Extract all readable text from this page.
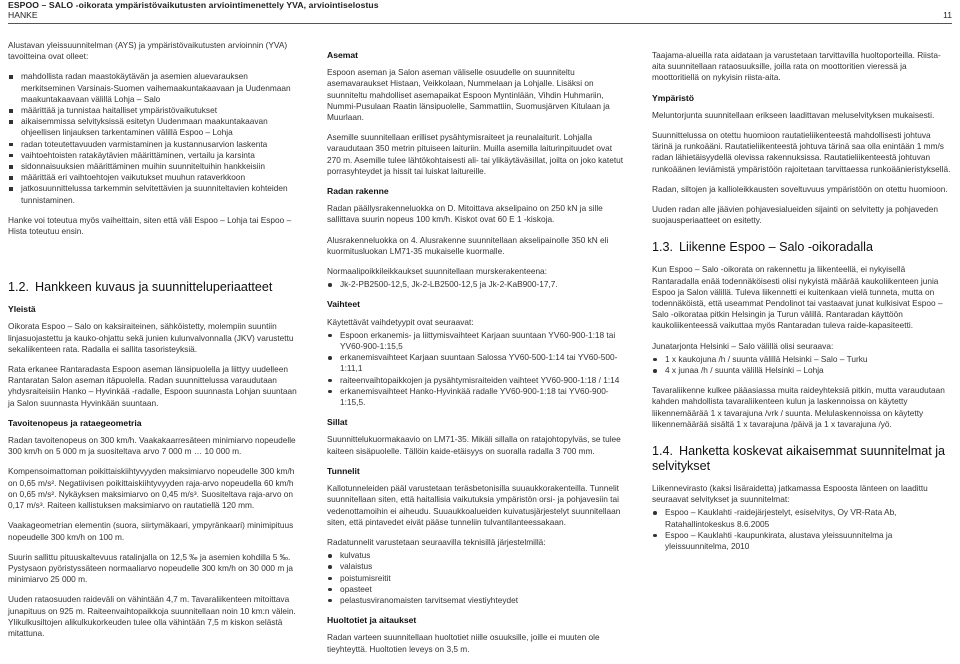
ESPOO – SALO -oikorata ympäristövaikutusten arviointimenettely YVA, arviointiselostus
HANKE	11

Alustavan yleissuunnitelman (AYS) ja ympäristövaikutusten arvioinnin (YVA) tavoitteina ovat olleet:

mahdollista radan maastokäytävän ja asemien aluevarauksen merkitseminen Varsinais-Suomen vaihemaakuntakaavaan ja Uudenmaan maakuntakaavaan välillä Lohja – Salo
määrittää ja tunnistaa haitalliset ympäristövaikutukset
aikaisemmissa selvityksissä esitetyn Uudenmaan maakuntakaavan ohjeellisen linjauksen tarkentaminen välillä Espoo – Lohja
radan toteutettavuuden varmistaminen ja kustannusarvion laskenta
vaihtoehtoisten ratakäytävien määrittäminen, vertailu ja karsinta
sidonnaisuuksien määrittäminen muihin suunniteltuihin hankkeisiin
määrittää eri vaihtoehtojen vaikutukset muuhun rataverkkoon
jatkosuunnittelussa tarkemmin selvitettävien ja suunniteltavien kohteiden tunnistaminen.

Hanke voi toteutua myös vaiheittain, siten että väli Espoo – Lohja tai Espoo – Hista toteutuu ensin.

1.2. Hankkeen kuvaus ja suunnitteluperiaatteet
Yleistä

Oikorata Espoo – Salo on kaksiraiteinen, sähköistetty, molempiin suuntiin linjasuojastettu ja kauko-ohjattu sekä junien kulunvalvonnalla (JKV) varustettu sekaliikenteen rata. Radalla ei sallita tasoristeyksiä.

Rata erkanee Rantaradasta Espoon aseman länsipuolella ja liittyy uudelleen Rantaratan Salon aseman itäpuolella. Radan suunnittelussa varaudutaan yhdysraiteisiin Hanko – Hyvinkää -radalle, Espoon suunnasta Lohjan suuntaan ja Salon suunnasta Hyvinkään suuntaan.

Tavoitenopeus ja rataegeometria

Radan tavoitenopeus on 300 km/h. Vaakakaarresäteen minimiarvo nopeudelle 300 km/h on 5 000 m ja suositeltava arvo 7 000 m … 10 000 m.

Kompensoimattoman poikittaiskiihtyvyyden maksimiarvo nopeudelle 300 km/h on 0,65 m/s². Negatiivisen poikittaiskiihtyvyyden raja-arvo nopeudella 60 km/h on 0,65 m/s². Nykäyksen maksimiarvo on 0,45 m/s³. Suositeltava raja-arvo on 0,17 m/s³. Raiteen kallistuksen maksimiarvo on rautatiellä 120 mm.

Vaakageometrian elementin (suora, siirtymäkaari, ympyränkaari) minimipituus nopeudelle 300 km/h on 100 m.

Suurin sallittu pituuskaltevuus ratalinjalla on 12,5 ‰ ja asemien kohdilla 5 ‰. Pystysaon pyöristyssäteen normaaliarvo nopeudelle 300 km/h on 30 000 m ja minimiarvo 25 000 m.

Uuden rataosuuden raideväli on vähintään 4,7 m. Tavaraliikenteen mitoittava junapituus on 925 m. Raiteenvaihtopaikkoja suunnitellaan noin 10 km:n välein. Ylikulkusiltojen alikulkukorkeuden tulee olla vähintään 7,5 m kiskon selästä mitattuna.

Asemat

Espoon aseman ja Salon aseman väliselle osuudelle on suunniteltu asemavaraukset Histaan, Veikkolaan, Nummelaan ja Lohjalle. Lisäksi on suunniteltu mahdolliset asemapaikat Espoon Myntinlään, Vihdin Huhmariin, Nummi-Pusulaan Raatin länsipuolelle, Sammattiin, Suomusjärven Kitulaan ja Muurlaan.

Asemille suunnitellaan erilliset pysähtymisraiteet ja reunalaiturit. Lohjalla varaudutaan 350 metrin pituiseen laituriin. Muilla asemilla laiturinpituudet ovat 270 m. Asemille tulee lähtökohtaisesti ali- tai ylikäytäväsillat, joilta on joko katetut porrasyhteydet ja hissit tai luiskat laitureille.

Radan rakenne

Radan päällysrakenneluokka on D. Mitoittava akselipaino on 250 kN ja sille sallittava suurin nopeus 100 km/h. Kiskot ovat 60 E 1 -kiskoja.

Alusrakenneluokka on 4. Alusrakenne suunnitellaan akselipainolle 350 kN eli kuormitusluokan LM71-35 mukaiselle kuormalle.

Normaalipoikkileikkaukset suunnitellaan murskerakenteena:

Jk-2-PB2500-12,5, Jk-2-LB2500-12,5 ja Jk-2-KaB900-17,7.
Vaihteet

Käytettävät vaihdetyypit ovat seuraavat:

Espoon erkanemis- ja liittymisvaihteet Karjaan suuntaan YV60-900-1:18 tai YV60-900-1:15,5
erkanemisvaihteet Karjaan suuntaan Salossa YV60-500-1:14 tai YV60-500-1:11,1
raiteenvaihtopaikkojen ja pysähtymisraiteiden vaihteet YV60-900-1:18 / 1:14
erkanemisvaihteet Hanko-Hyvinkää radalle YV60-900-1:18 tai YV60-900-1:15,5.
Sillat

Suunnittelukuormakaavio on LM71-35. Mikäli sillalla on ratajohtopylväs, se tulee kaiteen sisäpuolelle. Tällöin kaide-etäisyys on suoralla radalla 3 700 mm.

Tunnelit

Kallotunneleiden pääl varustetaan teräsbetonisilla suuaukkorakenteilla. Tunnelit suunnitellaan siten, että haitallisia vaikutuksia ympäristön orsi- ja pohjavesiin tai vedenottamoihin ei aiheudu. Suuaukkoalueiden kuivatusjärjestelyt suunnitellaan siten, että pintavedet eivät pääse tunneliin tulvantilanteessakaan.

Radatunnelit varustetaan seuraavilla teknisillä järjestelmillä:

kulvatus
valaistus
poistumisreitit
opasteet
pelastusviranomaisten tarvitsemat viestiyhteydet
Huoltotiet ja aitaukset

Radan varteen suunnitellaan huoltotiet niille osuuksille, joille ei muuten ole tieyhteyttä. Huoltotien leveys on 3,5 m.

Taajama-alueilla rata aidataan ja varustetaan tarvittavilla huoltoporteilla. Riista-aita suunnitellaan rataosuuksille, joilla rata on moottoritien vieressä ja moottoritiellä on nykyisin riista-aita.

Ympäristö

Meluntorjunta suunnitellaan erikseen laadittavan meluselvityksen mukaisesti.

Suunnittelussa on otettu huomioon rautatieliikenteestä mahdollisesti johtuva tärinä ja runkoääni. Rautatieliikenteestä johtuva tärinä saa olla enintään 1 mm/s radan lähietäisyydellä olevissa rakennuksissa. Rautatieliikenteestä johtuvan runkoäänen leviämistä ympäristöön rajoitetaan tarvittaessa runkoäänieristyksellä.

Radan, siltojen ja kallioleikkausten soveltuvuus ympäristöön on otettu huomioon.

Uuden radan alle jäävien pohjavesialueiden sijainti on selvitetty ja pohjaveden suojausperiaatteet on esitetty.

1.3. Liikenne Espoo – Salo -oikoradalla

Kun Espoo – Salo -oikorata on rakennettu ja liikenteellä, ei nykyisellä Rantaradalla enää todennäköisesti olisi nykyistä määrää kaukoliikenteen junia Espoo ja Salon välillä. Tuleva liikennetti ei kuitenkaan vielä tunneta, mutta on todennäköistä, että useammat Pendolinot tai vastaavat junat kulkisivat Espoo – Salo -oikorataa pitkin Helsingin ja Turun välillä. Rantaradan käyttöön kaukoliikenteessä vaikuttaa myös Rantaradan tuleva raide-kapasiteetti.

Junatarjonta Helsinki – Salo välillä olisi seuraava:

1 x kaukojuna /h / suunta välillä Helsinki – Salo – Turku
4 x junaa /h / suunta välillä Helsinki – Lohja

Tavaraliikenne kulkee pääasiassa muita raideyhteksiä pitkin, mutta varaudutaan kahden mahdollista tavaraliikenteen kulun ja laskennoissa on käytetty liikennemäärää 1 x tavarajuna /vrk / suunta. Melulaskennoissa on käytetty liikennemäärää sisältä 1 x tavarajuna /päivä ja 1 x tavarajuna /yö.

1.4. Hanketta koskevat aikaisemmat suunnitelmat ja selvitykset

Liikennevirasto (kaksi lisäraidetta) jatkamassa Espoosta länteen on laadittu seuraavat selvitykset ja suunnitelmat:

Espoo – Kauklahti -raidejärjestelyt, esiselvitys, Oy VR-Rata Ab, Ratahallintokeskus 8.6.2005
Espoo – Kauklahti -kaupunkirata, alustava yleissuunnitelma ja yleissuunnitelma, 2010
